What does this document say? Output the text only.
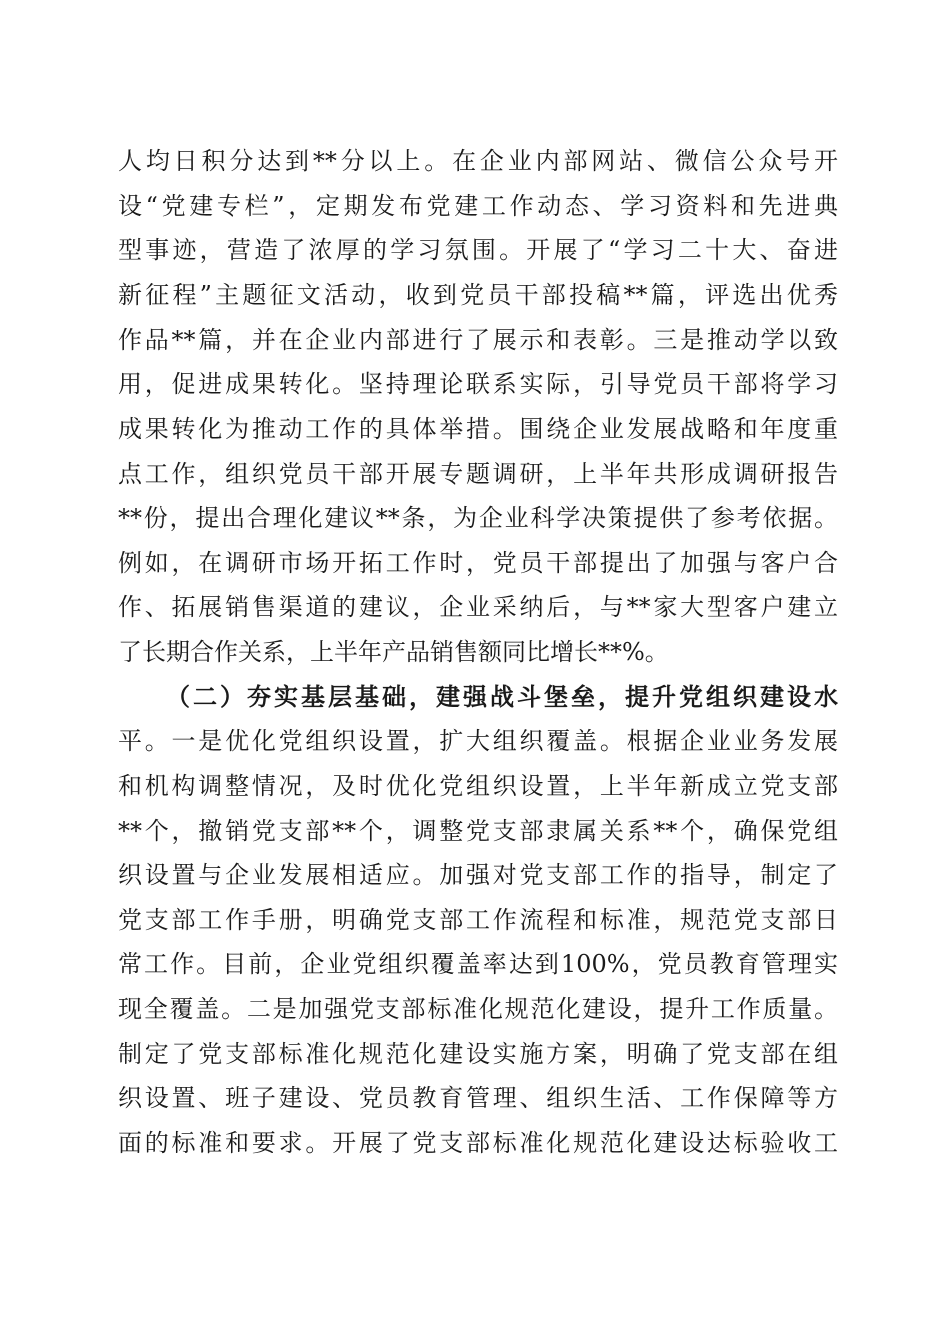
人均日积分达到**分以上。在企业内部网站、微信公众号开
设“党建专栏”，定期发布党建工作动态、学习资料和先进典
型事迹，营造了浓厚的学习氛围。开展了“学习二十大、奋进
新征程”主题征文活动，收到党员干部投稿**篇，评选出优秀
作品**篇，并在企业内部进行了展示和表彰。三是推动学以致
用，促进成果转化。坚持理论联系实际，引导党员干部将学习
成果转化为推动工作的具体举措。围绕企业发展战略和年度重
点工作，组织党员干部开展专题调研，上半年共形成调研报告
**份，提出合理化建议**条，为企业科学决策提供了参考依据。
例如，在调研市场开拓工作时，党员干部提出了加强与客户合
作、拓展销售渠道的建议，企业采纳后，与**家大型客户建立
了长期合作关系，上半年产品销售额同比增长**%。
（二）夯实基层基础，建强战斗堡垒，提升党组织建设水
平。一是优化党组织设置，扩大组织覆盖。根据企业业务发展
和机构调整情况，及时优化党组织设置，上半年新成立党支部
**个，撤销党支部**个，调整党支部隶属关系**个，确保党组
织设置与企业发展相适应。加强对党支部工作的指导，制定了
党支部工作手册，明确党支部工作流程和标准，规范党支部日
常工作。目前，企业党组织覆盖率达到100%，党员教育管理实
现全覆盖。二是加强党支部标准化规范化建设，提升工作质量。
制定了党支部标准化规范化建设实施方案，明确了党支部在组
织设置、班子建设、党员教育管理、组织生活、工作保障等方
面的标准和要求。开展了党支部标准化规范化建设达标验收工
